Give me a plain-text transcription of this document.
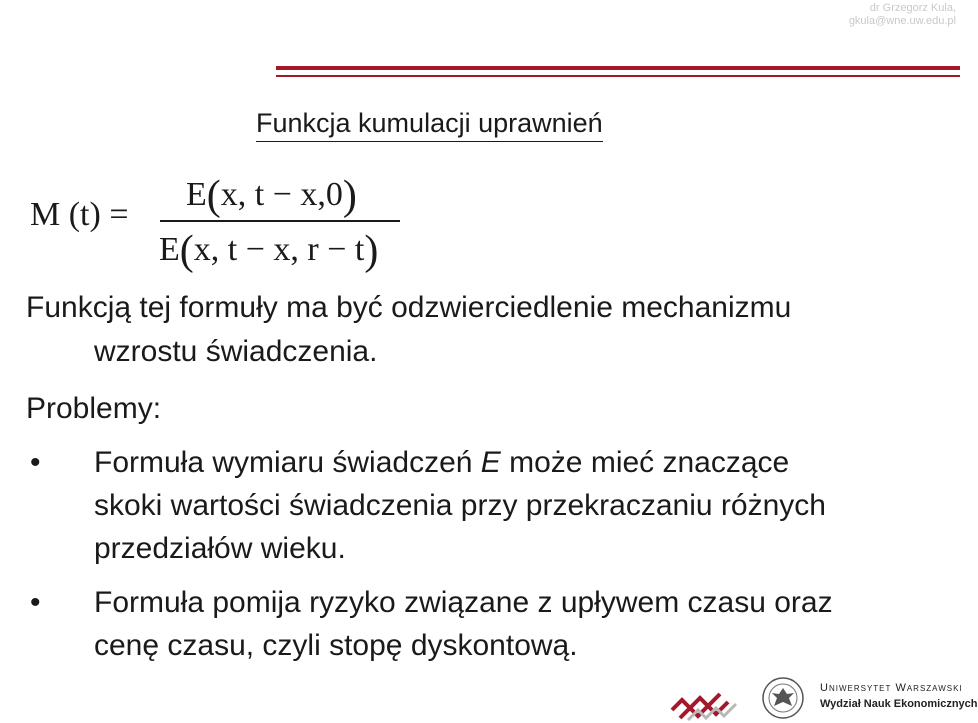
dr Grzegorz Kula,
gkula@wne.uw.edu.pl
Funkcja kumulacji uprawnień
M (t) =
E(x, t − x,0)
E(x, t − x, r − t)
Funkcją tej formuły ma być odzwierciedlenie mechanizmu
wzrostu świadczenia.
Problemy:
• Formuła wymiaru świadczeń E może mieć znaczące
skoki wartości świadczenia przy przekraczaniu różnych
przedziałów wieku.
• Formuła pomija ryzyko związane z upływem czasu oraz
cenę czasu, czyli stopę dyskontową.
Uniwersytet Warszawski
Wydział Nauk Ekonomicznych
